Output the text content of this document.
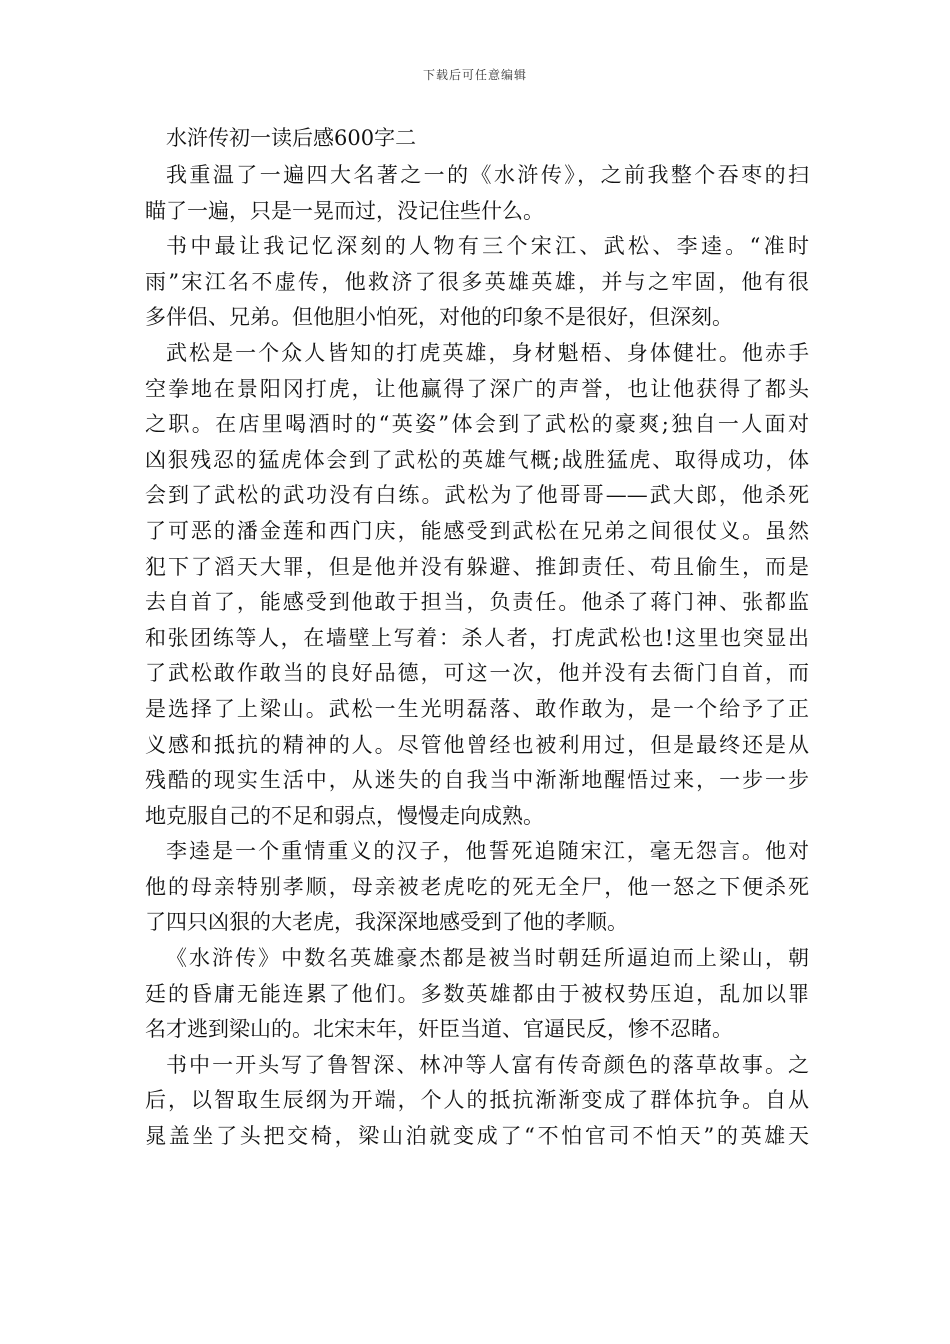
下载后可任意编辑
水浒传初一读后感600字二
我重温了一遍四大名著之一的《水浒传》，之前我整个吞枣的扫
瞄了一遍，只是一晃而过，没记住些什么。
书中最让我记忆深刻的人物有三个宋江、武松、李逵。“准时
雨”宋江名不虚传，他救济了很多英雄英雄，并与之牢固，他有很
多伴侣、兄弟。但他胆小怕死，对他的印象不是很好，但深刻。
武松是一个众人皆知的打虎英雄，身材魁梧、身体健壮。他赤手
空拳地在景阳冈打虎，让他赢得了深广的声誉，也让他获得了都头
之职。在店里喝酒时的“英姿”体会到了武松的豪爽;独自一人面对
凶狠残忍的猛虎体会到了武松的英雄气概;战胜猛虎、取得成功，体
会到了武松的武功没有白练。武松为了他哥哥——武大郎，他杀死
了可恶的潘金莲和西门庆，能感受到武松在兄弟之间很仗义。虽然
犯下了滔天大罪，但是他并没有躲避、推卸责任、苟且偷生，而是
去自首了，能感受到他敢于担当，负责任。他杀了蒋门神、张都监
和张团练等人，在墙壁上写着：杀人者，打虎武松也!这里也突显出
了武松敢作敢当的良好品德，可这一次，他并没有去衙门自首，而
是选择了上梁山。武松一生光明磊落、敢作敢为，是一个给予了正
义感和抵抗的精神的人。尽管他曾经也被利用过，但是最终还是从
残酷的现实生活中，从迷失的自我当中渐渐地醒悟过来，一步一步
地克服自己的不足和弱点，慢慢走向成熟。
李逵是一个重情重义的汉子，他誓死追随宋江，毫无怨言。他对
他的母亲特别孝顺，母亲被老虎吃的死无全尸，他一怒之下便杀死
了四只凶狠的大老虎，我深深地感受到了他的孝顺。
《水浒传》中数名英雄豪杰都是被当时朝廷所逼迫而上梁山，朝
廷的昏庸无能连累了他们。多数英雄都由于被权势压迫，乱加以罪
名才逃到梁山的。北宋末年，奸臣当道、官逼民反，惨不忍睹。
书中一开头写了鲁智深、林冲等人富有传奇颜色的落草故事。之
后，以智取生辰纲为开端，个人的抵抗渐渐变成了群体抗争。自从
晁盖坐了头把交椅，梁山泊就变成了“不怕官司不怕天”的英雄天
